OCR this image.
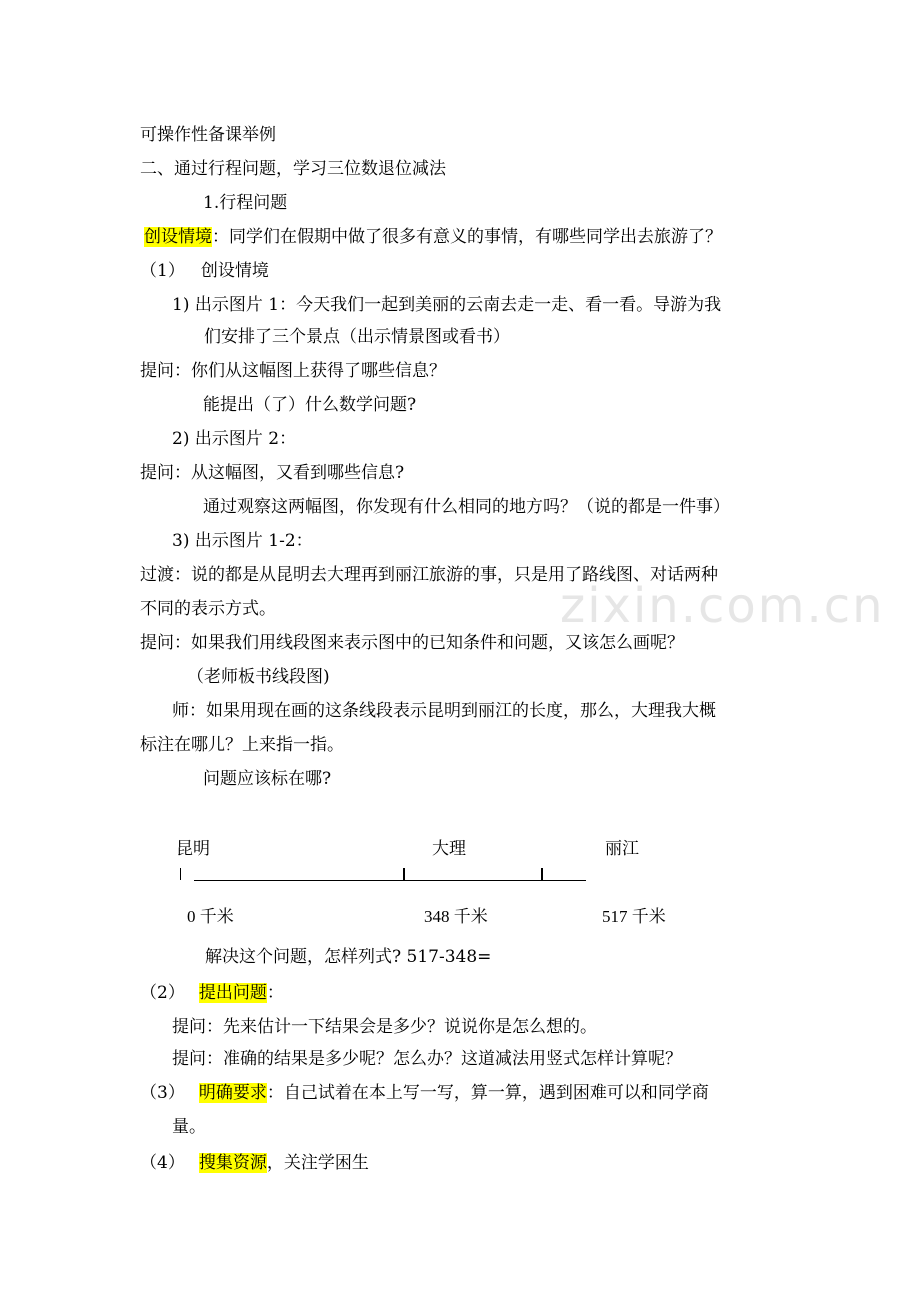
zixin.com.cn
可操作性备课举例
二、通过行程问题，学习三位数退位减法
1.行程问题
创设情境：同学们在假期中做了很多有意义的事情，有哪些同学出去旅游了？
（1） 创设情境
1) 出示图片 1：今天我们一起到美丽的云南去走一走、看一看。导游为我
们安排了三个景点（出示情景图或看书）
提问：你们从这幅图上获得了哪些信息？
能提出（了）什么数学问题?
2) 出示图片 2：
提问：从这幅图，又看到哪些信息?
通过观察这两幅图，你发现有什么相同的地方吗？（说的都是一件事）
3) 出示图片 1-2：
过渡：说的都是从昆明去大理再到丽江旅游的事，只是用了路线图、对话两种
不同的表示方式。
提问：如果我们用线段图来表示图中的已知条件和问题，又该怎么画呢？
（老师板书线段图)
师：如果用现在画的这条线段表示昆明到丽江的长度，那么，大理我大概
标注在哪儿？上来指一指。
问题应该标在哪?
昆明	大理	丽江
0 千米	348 千米	517 千米
解决这个问题，怎样列式? 517-348=
（2） 提出问题：
提问：先来估计一下结果会是多少？说说你是怎么想的。
提问：准确的结果是多少呢？怎么办？这道减法用竖式怎样计算呢？
（3） 明确要求：自己试着在本上写一写，算一算，遇到困难可以和同学商
量。
（4） 搜集资源，关注学困生
